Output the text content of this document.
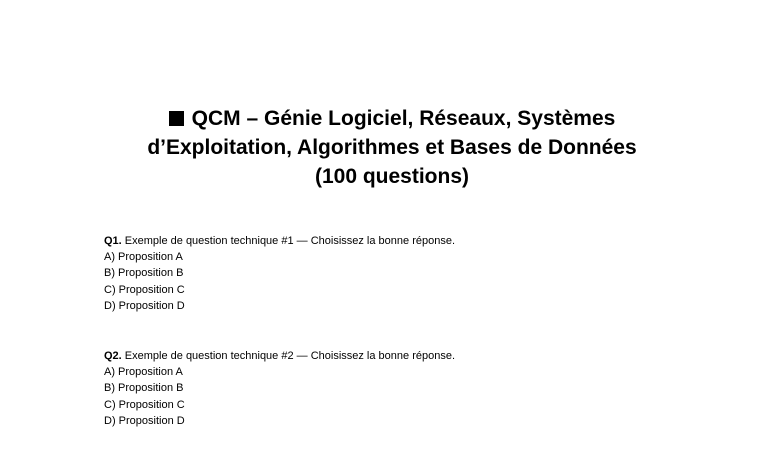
QCM – Génie Logiciel, Réseaux, Systèmes
d’Exploitation, Algorithmes et Bases de Données
(100 questions)
Q1. Exemple de question technique #1 — Choisissez la bonne réponse.
A) Proposition A
B) Proposition B
C) Proposition C
D) Proposition D
Q2. Exemple de question technique #2 — Choisissez la bonne réponse.
A) Proposition A
B) Proposition B
C) Proposition C
D) Proposition D
